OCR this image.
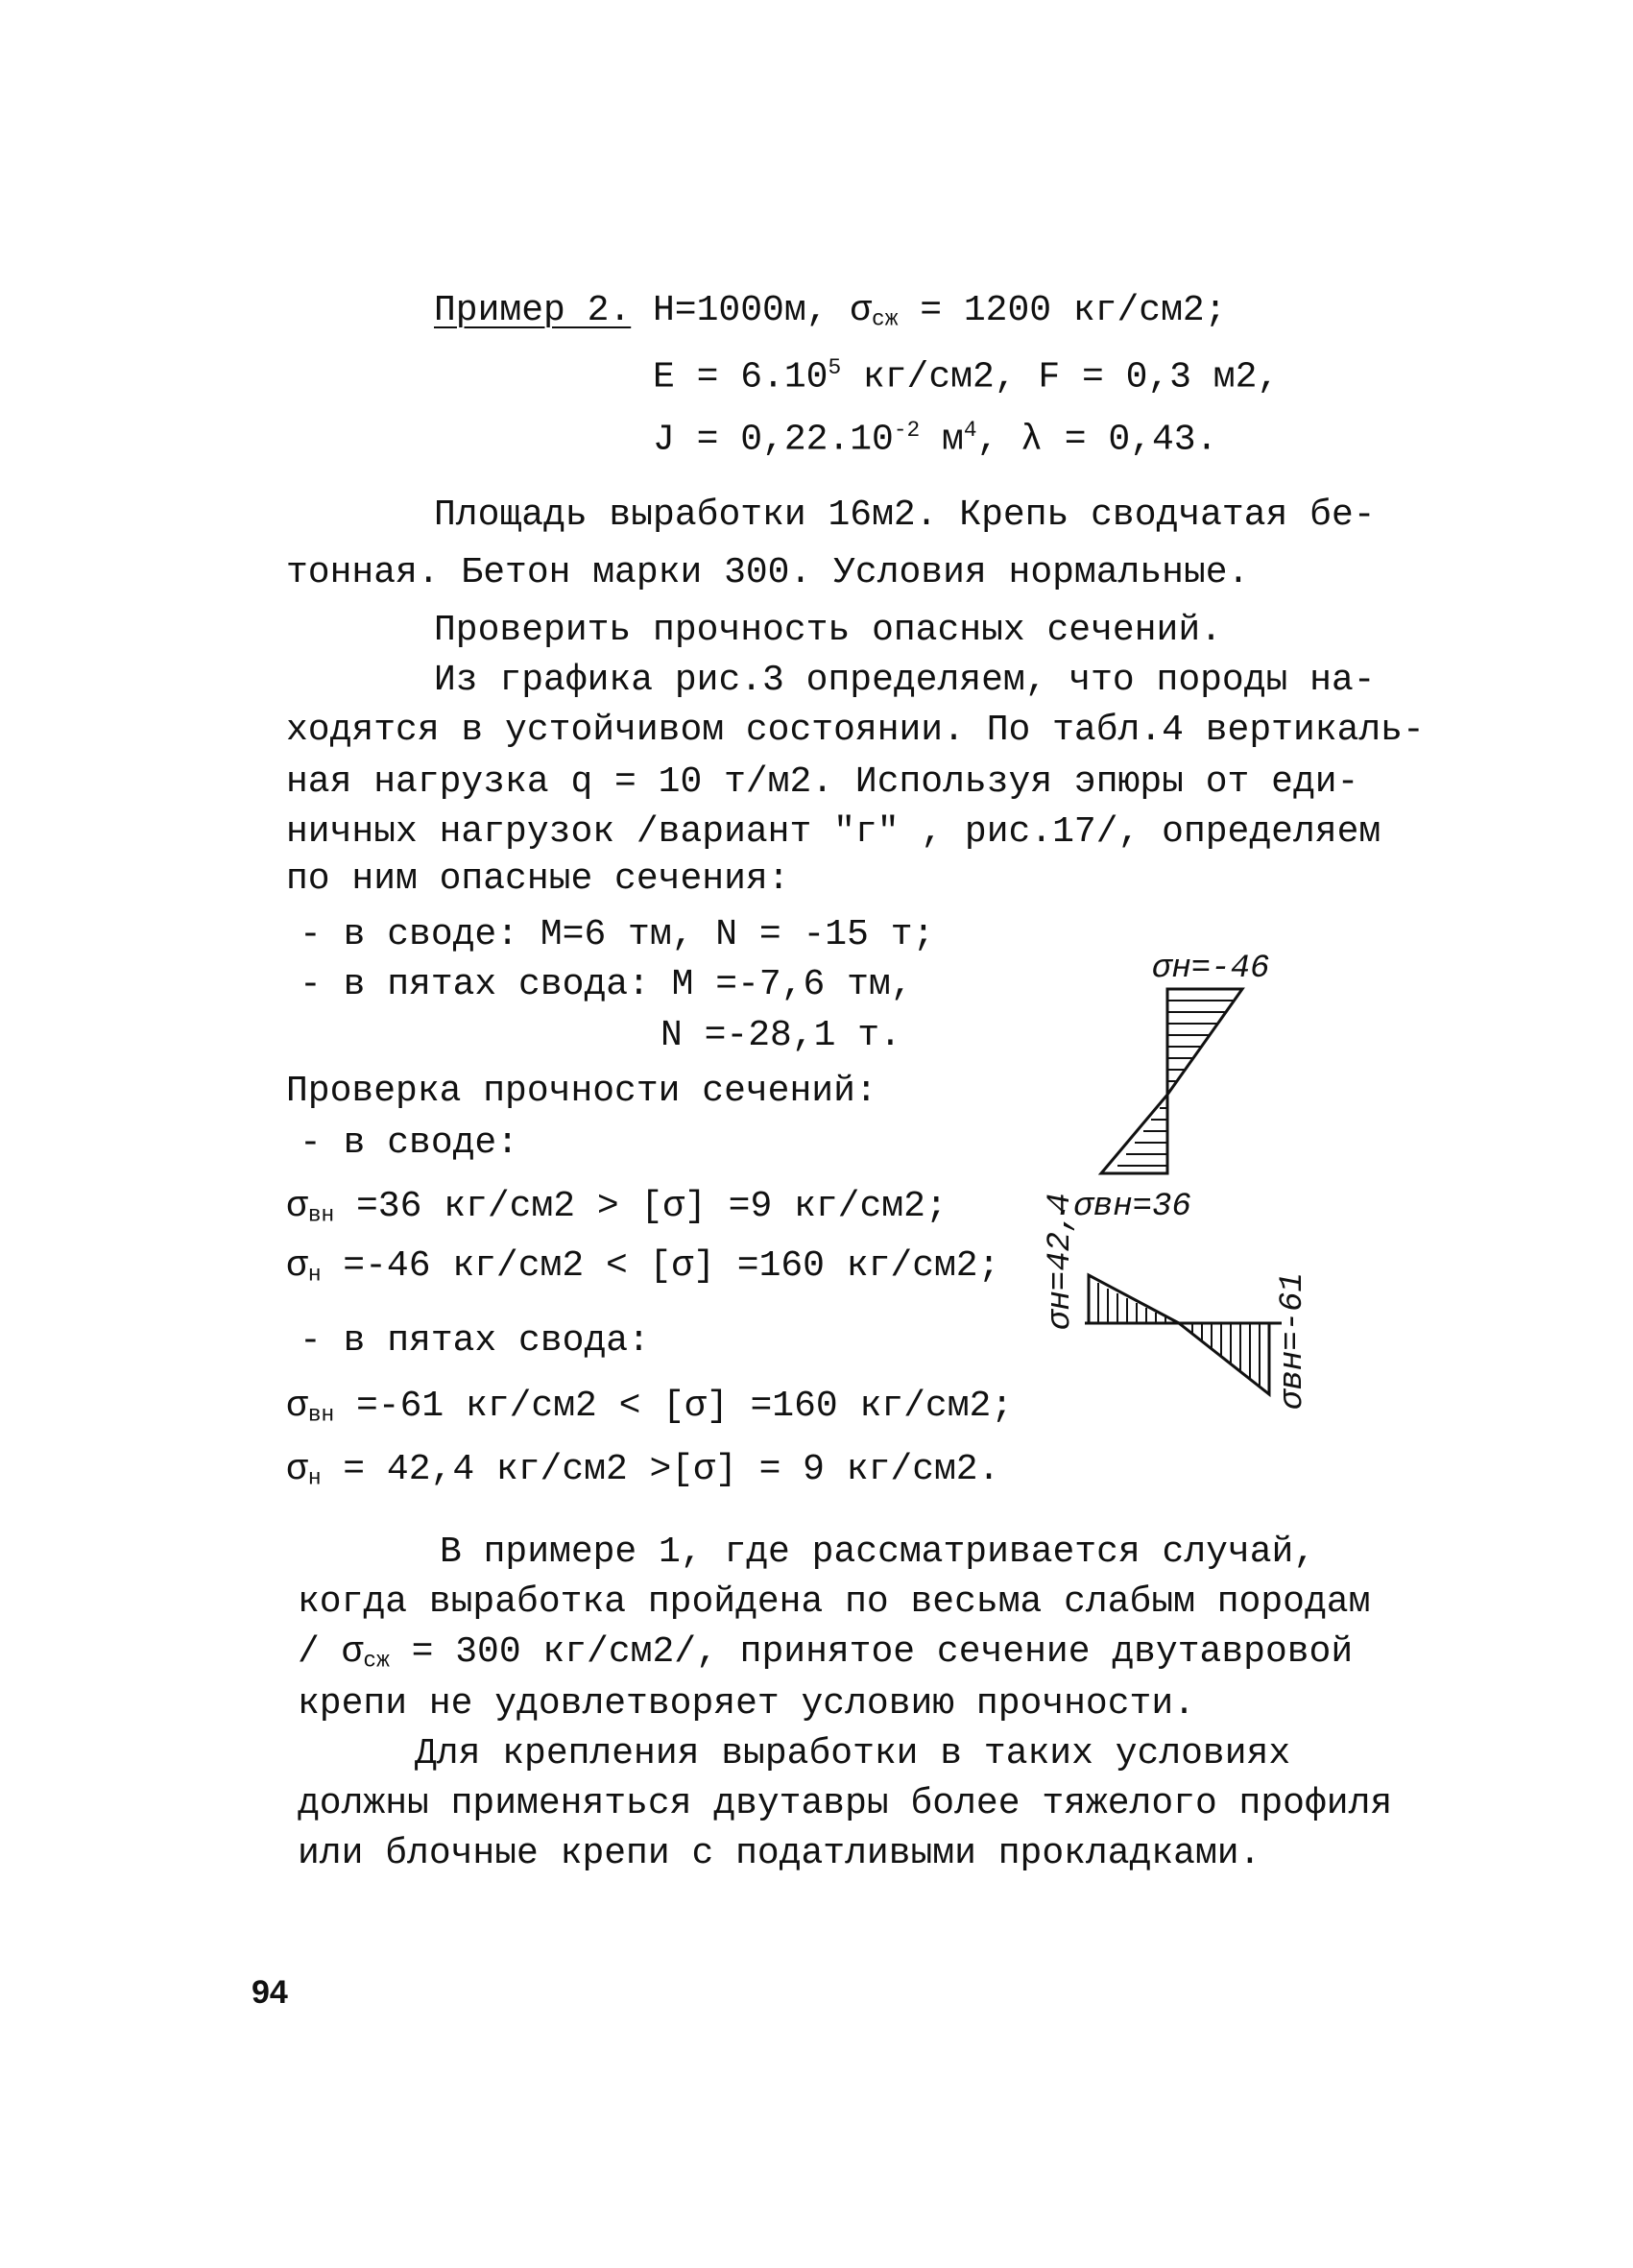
Пример 2. H=1000м, $\sigma_{сж} = 1200$ кг/см2;
$E = 6.10^5$ кг/см2, F = 0,3 м2,
$J = 0,22.10^{-2}$ $м^4$, λ = 0,43.
Площадь выработки 16м2. Крепь сводчатая бе-
тонная. Бетон марки 300. Условия нормальные.
Проверить прочность опасных сечений.
Из графика рис.3 определяем, что породы на-
ходятся в устойчивом состоянии. По табл.4 вертикаль-
ная нагрузка q = 10 т/м2. Используя эпюры от еди-
ничных нагрузок /вариант "г" , рис.17/, определяем
по ним опасные сечения:
- в своде: М=6 тм, N = -15 т;
- в пятах свода: М =-7,6 тм,
N =-28,1 т.
Проверка прочности сечений:
- в своде:
$\sigma_{вн} =36$ кг/см2 > [σ] =9 кг/см2;
$\sigma_н =-46$ кг/см2 < [σ] =160 кг/см2;
- в пятах свода:
$\sigma_{вн} =-61$ кг/см2 < [σ] =160 кг/см2;
$\sigma_н = 42,4$ кг/см2 >[σ] = 9 кг/см2.
В примере 1, где рассматривается случай,
когда выработка пройдена по весьма слабым породам
/ $\sigma_{сж} = 300$ кг/см2/, принятое сечение двутавровой
крепи не удовлетворяет условию прочности.
Для крепления выработки в таких условиях
должны применяться двутавры более тяжелого профиля
или блочные крепи с податливыми прокладками.
94
σн=-46
.σвн=36
σн=42,4
σвн=-61
